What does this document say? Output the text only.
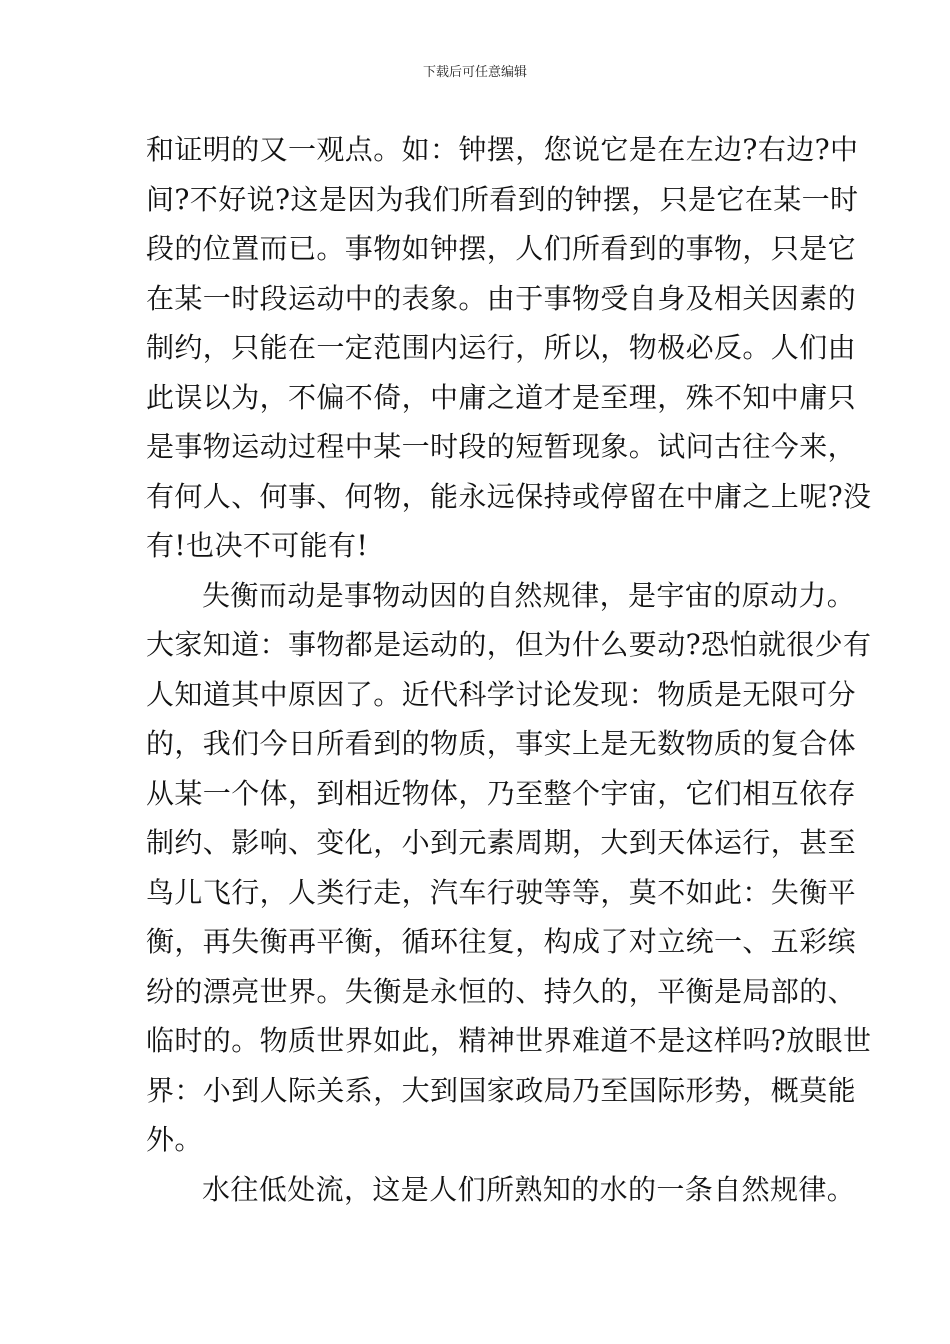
下载后可任意编辑
和证明的又一观点。如：钟摆，您说它是在左边?右边?中
间?不好说?这是因为我们所看到的钟摆，只是它在某一时
段的位置而已。事物如钟摆，人们所看到的事物，只是它
在某一时段运动中的表象。由于事物受自身及相关因素的
制约，只能在一定范围内运行，所以，物极必反。人们由
此误以为，不偏不倚，中庸之道才是至理，殊不知中庸只
是事物运动过程中某一时段的短暂现象。试问古往今来，
有何人、何事、何物，能永远保持或停留在中庸之上呢?没
有!也决不可能有!
失衡而动是事物动因的自然规律，是宇宙的原动力。
大家知道：事物都是运动的，但为什么要动?恐怕就很少有
人知道其中原因了。近代科学讨论发现：物质是无限可分
的，我们今日所看到的物质，事实上是无数物质的复合体
从某一个体，到相近物体，乃至整个宇宙，它们相互依存
制约、影响、变化，小到元素周期，大到天体运行，甚至
鸟儿飞行，人类行走，汽车行驶等等，莫不如此：失衡平
衡，再失衡再平衡，循环往复，构成了对立统一、五彩缤
纷的漂亮世界。失衡是永恒的、持久的，平衡是局部的、
临时的。物质世界如此，精神世界难道不是这样吗?放眼世
界：小到人际关系，大到国家政局乃至国际形势，概莫能
外。
水往低处流，这是人们所熟知的水的一条自然规律。
